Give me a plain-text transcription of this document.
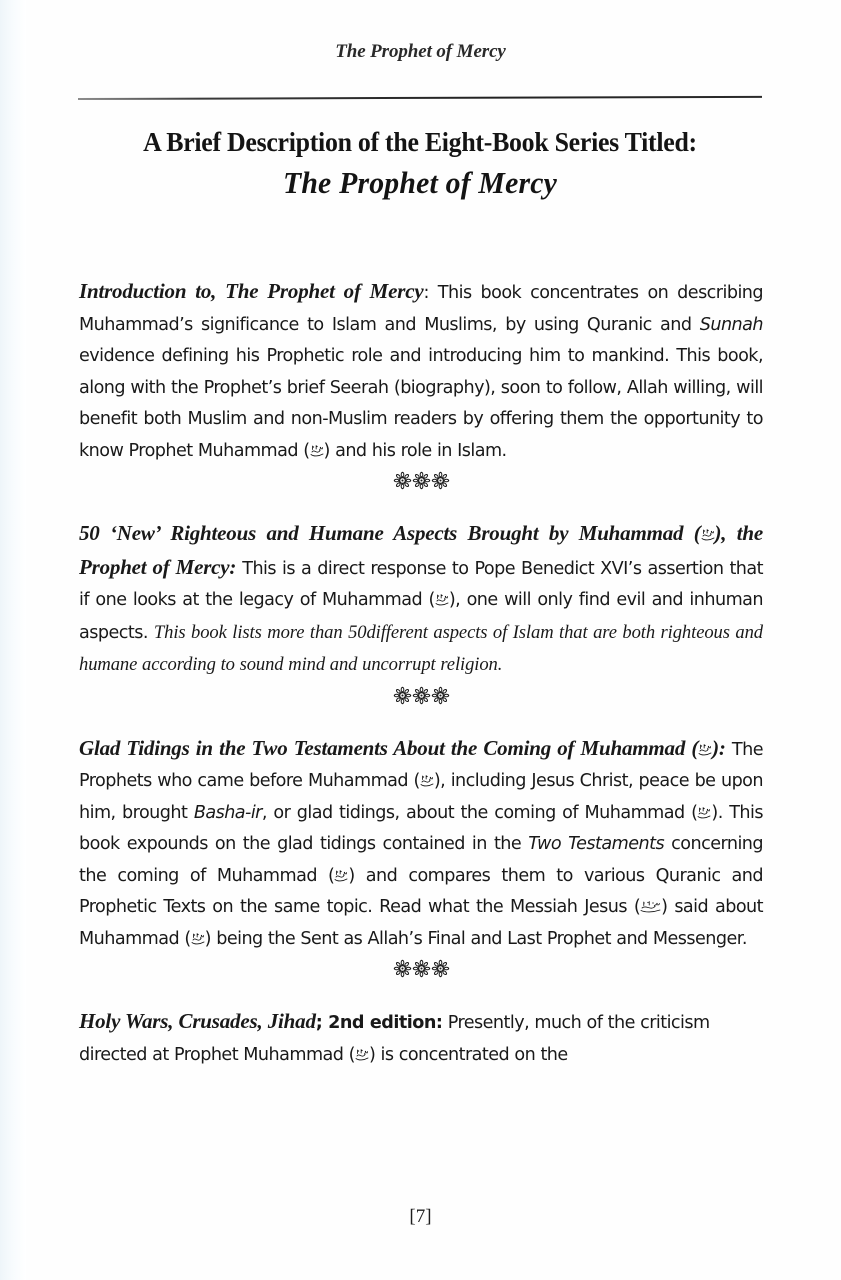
The Prophet of Mercy
A Brief Description of the Eight-Book Series Titled:
The Prophet of Mercy

Introduction to, The Prophet of Mercy: This book concentrates on describing Muhammad’s significance to Islam and Muslims, by using Quranic and Sunnah evidence defining his Prophetic role and introducing him to mankind. This book, along with the Prophet’s brief Seerah (biography), soon to follow, Allah willing, will benefit both Muslim and non-Muslim readers by offering them the opportunity to know Prophet Muhammad ( ) and his role in Islam.

50 ‘New’ Righteous and Humane Aspects Brought by Muhammad ( ), the Prophet of Mercy: This is a direct response to Pope Benedict XVI’s assertion that if one looks at the legacy of Muhammad ( ), one will only find evil and inhuman aspects. This book lists more than 50different aspects of Islam that are both righteous and humane according to sound mind and uncorrupt religion.

Glad Tidings in the Two Testaments About the Coming of Muhammad ( ): The Prophets who came before Muhammad ( ), including Jesus Christ, peace be upon him, brought Basha-ir, or glad tidings, about the coming of Muhammad ( ). This book expounds on the glad tidings contained in the Two Testaments concerning the coming of Muhammad ( ) and compares them to various Quranic and Prophetic Texts on the same topic. Read what the Messiah Jesus ( ) said about Muhammad ( ) being the Sent as Allah’s Final and Last Prophet and Messenger.

Holy Wars, Crusades, Jihad; 2nd edition: Presently, much of the criticism directed at Prophet Muhammad ( ) is concentrated on the

[7]
